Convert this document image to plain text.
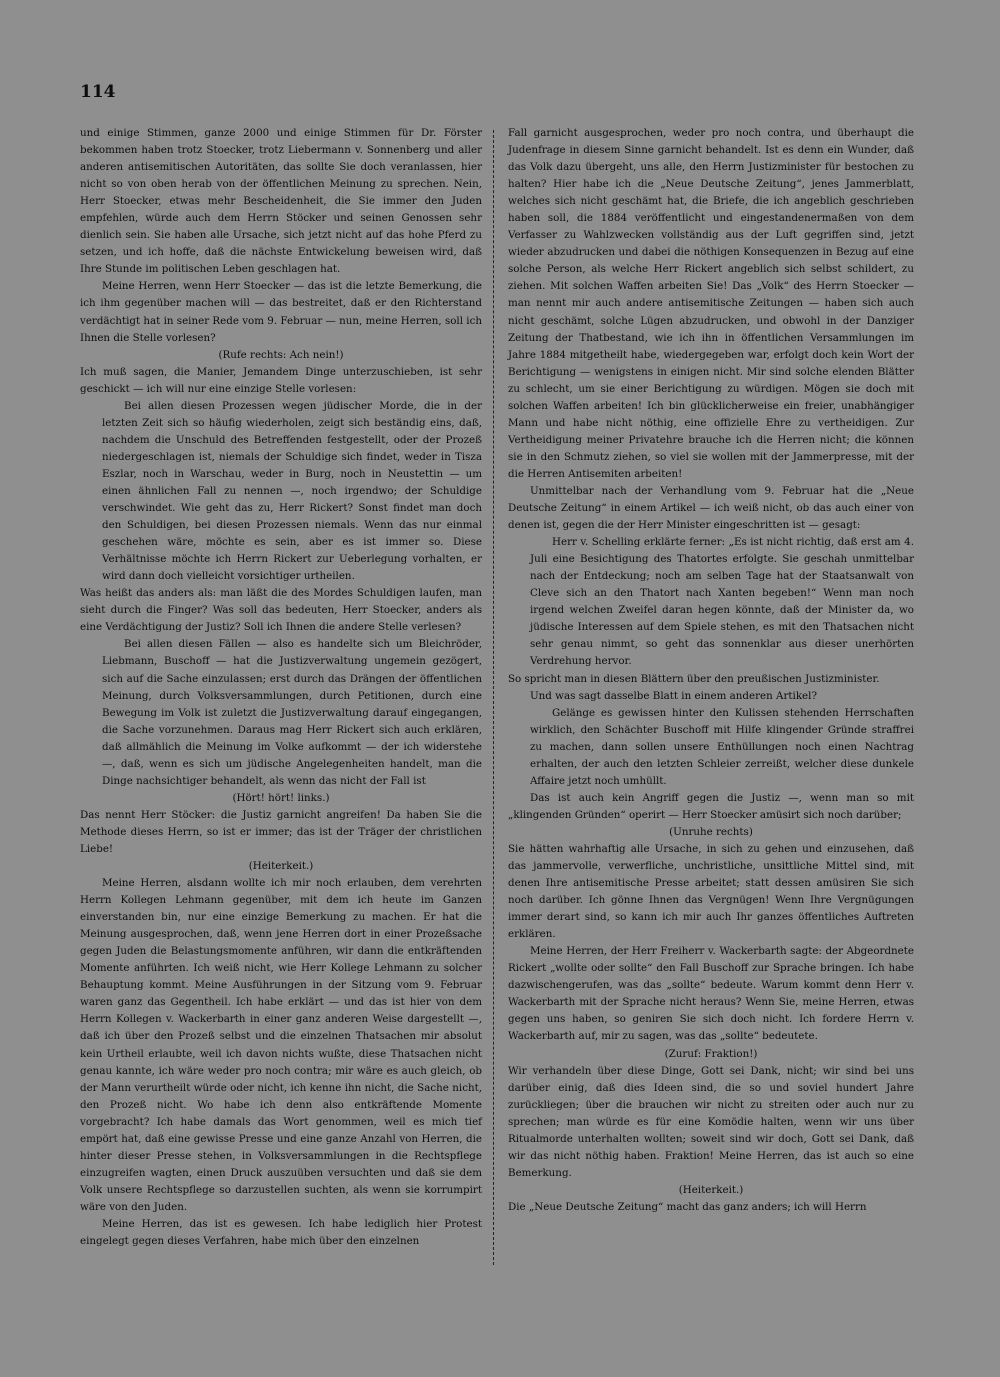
114

und einige Stimmen, ganze 2000 und einige Stimmen für Dr. Förster bekommen haben trotz Stoecker, trotz Liebermann v. Sonnenberg und aller anderen antisemitischen Autoritäten, das sollte Sie doch veranlassen, hier nicht so von oben herab von der öffentlichen Meinung zu sprechen. Nein, Herr Stoecker, etwas mehr Bescheidenheit, die Sie immer den Juden empfehlen, würde auch dem Herrn Stöcker und seinen Genossen sehr dienlich sein. Sie haben alle Ursache, sich jetzt nicht auf das hohe Pferd zu setzen, und ich hoffe, daß die nächste Entwickelung beweisen wird, daß Ihre Stunde im politischen Leben geschlagen hat.

Meine Herren, wenn Herr Stoecker — das ist die letzte Bemerkung, die ich ihm gegenüber machen will — das bestreitet, daß er den Richterstand verdächtigt hat in seiner Rede vom 9. Februar — nun, meine Herren, soll ich Ihnen die Stelle vorlesen?

(Rufe rechts: Ach nein!)

Ich muß sagen, die Manier, Jemandem Dinge unterzuschieben, ist sehr geschickt — ich will nur eine einzige Stelle vorlesen:

Bei allen diesen Prozessen wegen jüdischer Morde, die in der letzten Zeit sich so häufig wiederholen, zeigt sich beständig eins, daß, nachdem die Unschuld des Betreffenden festgestellt, oder der Prozeß niedergeschlagen ist, niemals der Schuldige sich findet, weder in Tisza Eszlar, noch in Warschau, weder in Burg, noch in Neustettin — um einen ähnlichen Fall zu nennen —, noch irgendwo; der Schuldige verschwindet. Wie geht das zu, Herr Rickert? Sonst findet man doch den Schuldigen, bei diesen Prozessen niemals. Wenn das nur einmal geschehen wäre, möchte es sein, aber es ist immer so. Diese Verhältnisse möchte ich Herrn Rickert zur Ueberlegung vorhalten, er wird dann doch vielleicht vorsichtiger urtheilen.

Was heißt das anders als: man läßt die des Mordes Schuldigen laufen, man sieht durch die Finger? Was soll das bedeuten, Herr Stoecker, anders als eine Verdächtigung der Justiz? Soll ich Ihnen die andere Stelle verlesen?

Bei allen diesen Fällen — also es handelte sich um Bleichröder, Liebmann, Buschoff — hat die Justizverwaltung ungemein gezögert, sich auf die Sache einzulassen; erst durch das Drängen der öffentlichen Meinung, durch Volksversammlungen, durch Petitionen, durch eine Bewegung im Volk ist zuletzt die Justizverwaltung darauf eingegangen, die Sache vorzunehmen. Daraus mag Herr Rickert sich auch erklären, daß allmählich die Meinung im Volke aufkommt — der ich widerstehe —, daß, wenn es sich um jüdische Angelegenheiten handelt, man die Dinge nachsichtiger behandelt, als wenn das nicht der Fall ist

(Hört! hört! links.)

Das nennt Herr Stöcker: die Justiz garnicht angreifen! Da haben Sie die Methode dieses Herrn, so ist er immer; das ist der Träger der christlichen Liebe!

(Heiterkeit.)

Meine Herren, alsdann wollte ich mir noch erlauben, dem verehrten Herrn Kollegen Lehmann gegenüber, mit dem ich heute im Ganzen einverstanden bin, nur eine einzige Bemerkung zu machen. Er hat die Meinung ausgesprochen, daß, wenn jene Herren dort in einer Prozeßsache gegen Juden die Belastungsmomente anführen, wir dann die entkräftenden Momente anführten. Ich weiß nicht, wie Herr Kollege Lehmann zu solcher Behauptung kommt. Meine Ausführungen in der Sitzung vom 9. Februar waren ganz das Gegentheil. Ich habe erklärt — und das ist hier von dem Herrn Kollegen v. Wackerbarth in einer ganz anderen Weise dargestellt —, daß ich über den Prozeß selbst und die einzelnen Thatsachen mir absolut kein Urtheil erlaubte, weil ich davon nichts wußte, diese Thatsachen nicht genau kannte, ich wäre weder pro noch contra; mir wäre es auch gleich, ob der Mann verurtheilt würde oder nicht, ich kenne ihn nicht, die Sache nicht, den Prozeß nicht. Wo habe ich denn also entkräftende Momente vorgebracht? Ich habe damals das Wort genommen, weil es mich tief empört hat, daß eine gewisse Presse und eine ganze Anzahl von Herren, die hinter dieser Presse stehen, in Volksversammlungen in die Rechtspflege einzugreifen wagten, einen Druck auszuüben versuchten und daß sie dem Volk unsere Rechtspflege so darzustellen suchten, als wenn sie korrumpirt wäre von den Juden.

Meine Herren, das ist es gewesen. Ich habe lediglich hier Protest eingelegt gegen dieses Verfahren, habe mich über den einzelnen

Fall garnicht ausgesprochen, weder pro noch contra, und überhaupt die Judenfrage in diesem Sinne garnicht behandelt. Ist es denn ein Wunder, daß das Volk dazu übergeht, uns alle, den Herrn Justizminister für bestochen zu halten? Hier habe ich die „Neue Deutsche Zeitung“, jenes Jammerblatt, welches sich nicht geschämt hat, die Briefe, die ich angeblich geschrieben haben soll, die 1884 veröffentlicht und eingestandenermaßen von dem Verfasser zu Wahlzwecken vollständig aus der Luft gegriffen sind, jetzt wieder abzudrucken und dabei die nöthigen Konsequenzen in Bezug auf eine solche Person, als welche Herr Rickert angeblich sich selbst schildert, zu ziehen. Mit solchen Waffen arbeiten Sie! Das „Volk“ des Herrn Stoecker — man nennt mir auch andere antisemitische Zeitungen — haben sich auch nicht geschämt, solche Lügen abzudrucken, und obwohl in der Danziger Zeitung der Thatbestand, wie ich ihn in öffentlichen Versammlungen im Jahre 1884 mitgetheilt habe, wiedergegeben war, erfolgt doch kein Wort der Berichtigung — wenigstens in einigen nicht. Mir sind solche elenden Blätter zu schlecht, um sie einer Berichtigung zu würdigen. Mögen sie doch mit solchen Waffen arbeiten! Ich bin glücklicherweise ein freier, unabhängiger Mann und habe nicht nöthig, eine offizielle Ehre zu vertheidigen. Zur Vertheidigung meiner Privatehre brauche ich die Herren nicht; die können sie in den Schmutz ziehen, so viel sie wollen mit der Jammerpresse, mit der die Herren Antisemiten arbeiten!

Unmittelbar nach der Verhandlung vom 9. Februar hat die „Neue Deutsche Zeitung“ in einem Artikel — ich weiß nicht, ob das auch einer von denen ist, gegen die der Herr Minister eingeschritten ist — gesagt:

Herr v. Schelling erklärte ferner: „Es ist nicht richtig, daß erst am 4. Juli eine Besichtigung des Thatortes erfolgte. Sie geschah unmittelbar nach der Entdeckung; noch am selben Tage hat der Staatsanwalt von Cleve sich an den Thatort nach Xanten begeben!“ Wenn man noch irgend welchen Zweifel daran hegen könnte, daß der Minister da, wo jüdische Interessen auf dem Spiele stehen, es mit den Thatsachen nicht sehr genau nimmt, so geht das sonnenklar aus dieser unerhörten Verdrehung hervor.

So spricht man in diesen Blättern über den preußischen Justizminister.

Und was sagt dasselbe Blatt in einem anderen Artikel?

Gelänge es gewissen hinter den Kulissen stehenden Herrschaften wirklich, den Schächter Buschoff mit Hilfe klingender Gründe straffrei zu machen, dann sollen unsere Enthüllungen noch einen Nachtrag erhalten, der auch den letzten Schleier zerreißt, welcher diese dunkele Affaire jetzt noch umhüllt.

Das ist auch kein Angriff gegen die Justiz —, wenn man so mit „klingenden Gründen“ operirt — Herr Stoecker amüsirt sich noch darüber;

(Unruhe rechts)

Sie hätten wahrhaftig alle Ursache, in sich zu gehen und einzusehen, daß das jammervolle, verwerfliche, unchristliche, unsittliche Mittel sind, mit denen Ihre antisemitische Presse arbeitet; statt dessen amüsiren Sie sich noch darüber. Ich gönne Ihnen das Vergnügen! Wenn Ihre Vergnügungen immer derart sind, so kann ich mir auch Ihr ganzes öffentliches Auftreten erklären.

Meine Herren, der Herr Freiherr v. Wackerbarth sagte: der Abgeordnete Rickert „wollte oder sollte“ den Fall Buschoff zur Sprache bringen. Ich habe dazwischengerufen, was das „sollte“ bedeute. Warum kommt denn Herr v. Wackerbarth mit der Sprache nicht heraus? Wenn Sie, meine Herren, etwas gegen uns haben, so geniren Sie sich doch nicht. Ich fordere Herrn v. Wackerbarth auf, mir zu sagen, was das „sollte“ bedeutete.

(Zuruf: Fraktion!)

Wir verhandeln über diese Dinge, Gott sei Dank, nicht; wir sind bei uns darüber einig, daß dies Ideen sind, die so und soviel hundert Jahre zurückliegen; über die brauchen wir nicht zu streiten oder auch nur zu sprechen; man würde es für eine Komödie halten, wenn wir uns über Ritualmorde unterhalten wollten; soweit sind wir doch, Gott sei Dank, daß wir das nicht nöthig haben. Fraktion! Meine Herren, das ist auch so eine Bemerkung.

(Heiterkeit.)

Die „Neue Deutsche Zeitung“ macht das ganz anders; ich will Herrn
